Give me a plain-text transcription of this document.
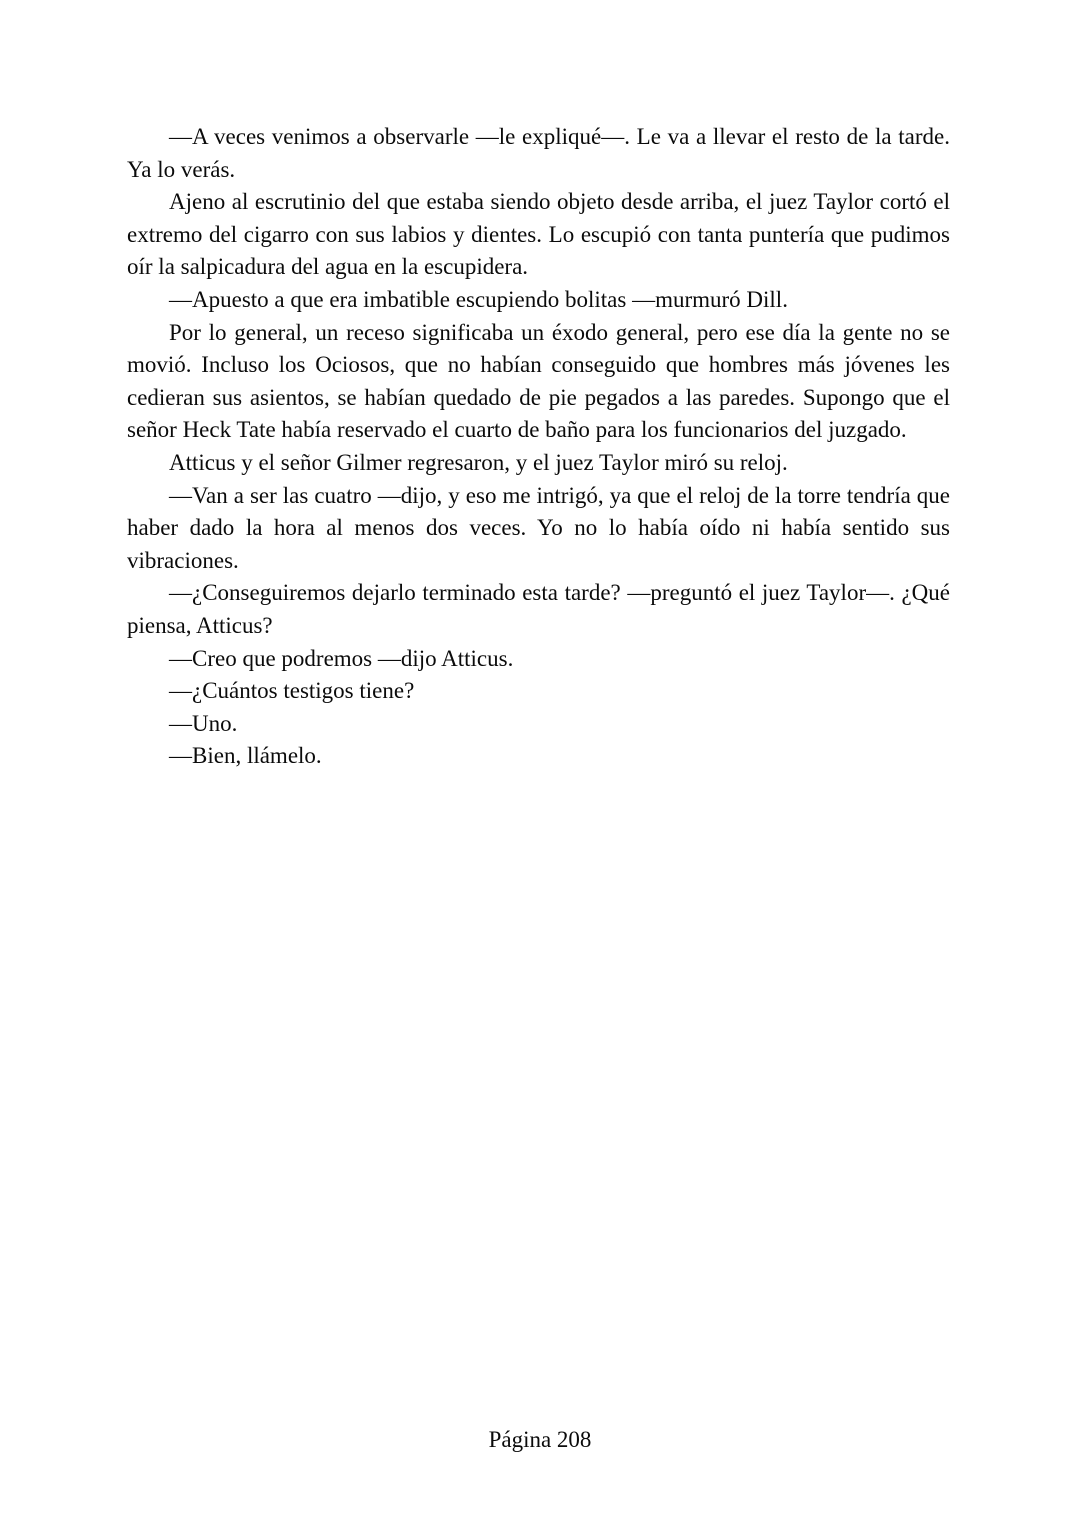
—A veces venimos a observarle —le expliqué—. Le va a llevar el resto de la tarde. Ya lo verás.

Ajeno al escrutinio del que estaba siendo objeto desde arriba, el juez Taylor cortó el extremo del cigarro con sus labios y dientes. Lo escupió con tanta puntería que pudimos oír la salpicadura del agua en la escupidera.

—Apuesto a que era imbatible escupiendo bolitas —murmuró Dill.

Por lo general, un receso significaba un éxodo general, pero ese día la gente no se movió. Incluso los Ociosos, que no habían conseguido que hombres más jóvenes les cedieran sus asientos, se habían quedado de pie pegados a las paredes. Supongo que el señor Heck Tate había reservado el cuarto de baño para los funcionarios del juzgado.

Atticus y el señor Gilmer regresaron, y el juez Taylor miró su reloj.

—Van a ser las cuatro —dijo, y eso me intrigó, ya que el reloj de la torre tendría que haber dado la hora al menos dos veces. Yo no lo había oído ni había sentido sus vibraciones.

—¿Conseguiremos dejarlo terminado esta tarde? —preguntó el juez Taylor—. ¿Qué piensa, Atticus?

—Creo que podremos —dijo Atticus.

—¿Cuántos testigos tiene?

—Uno.

—Bien, llámelo.

Página 208
